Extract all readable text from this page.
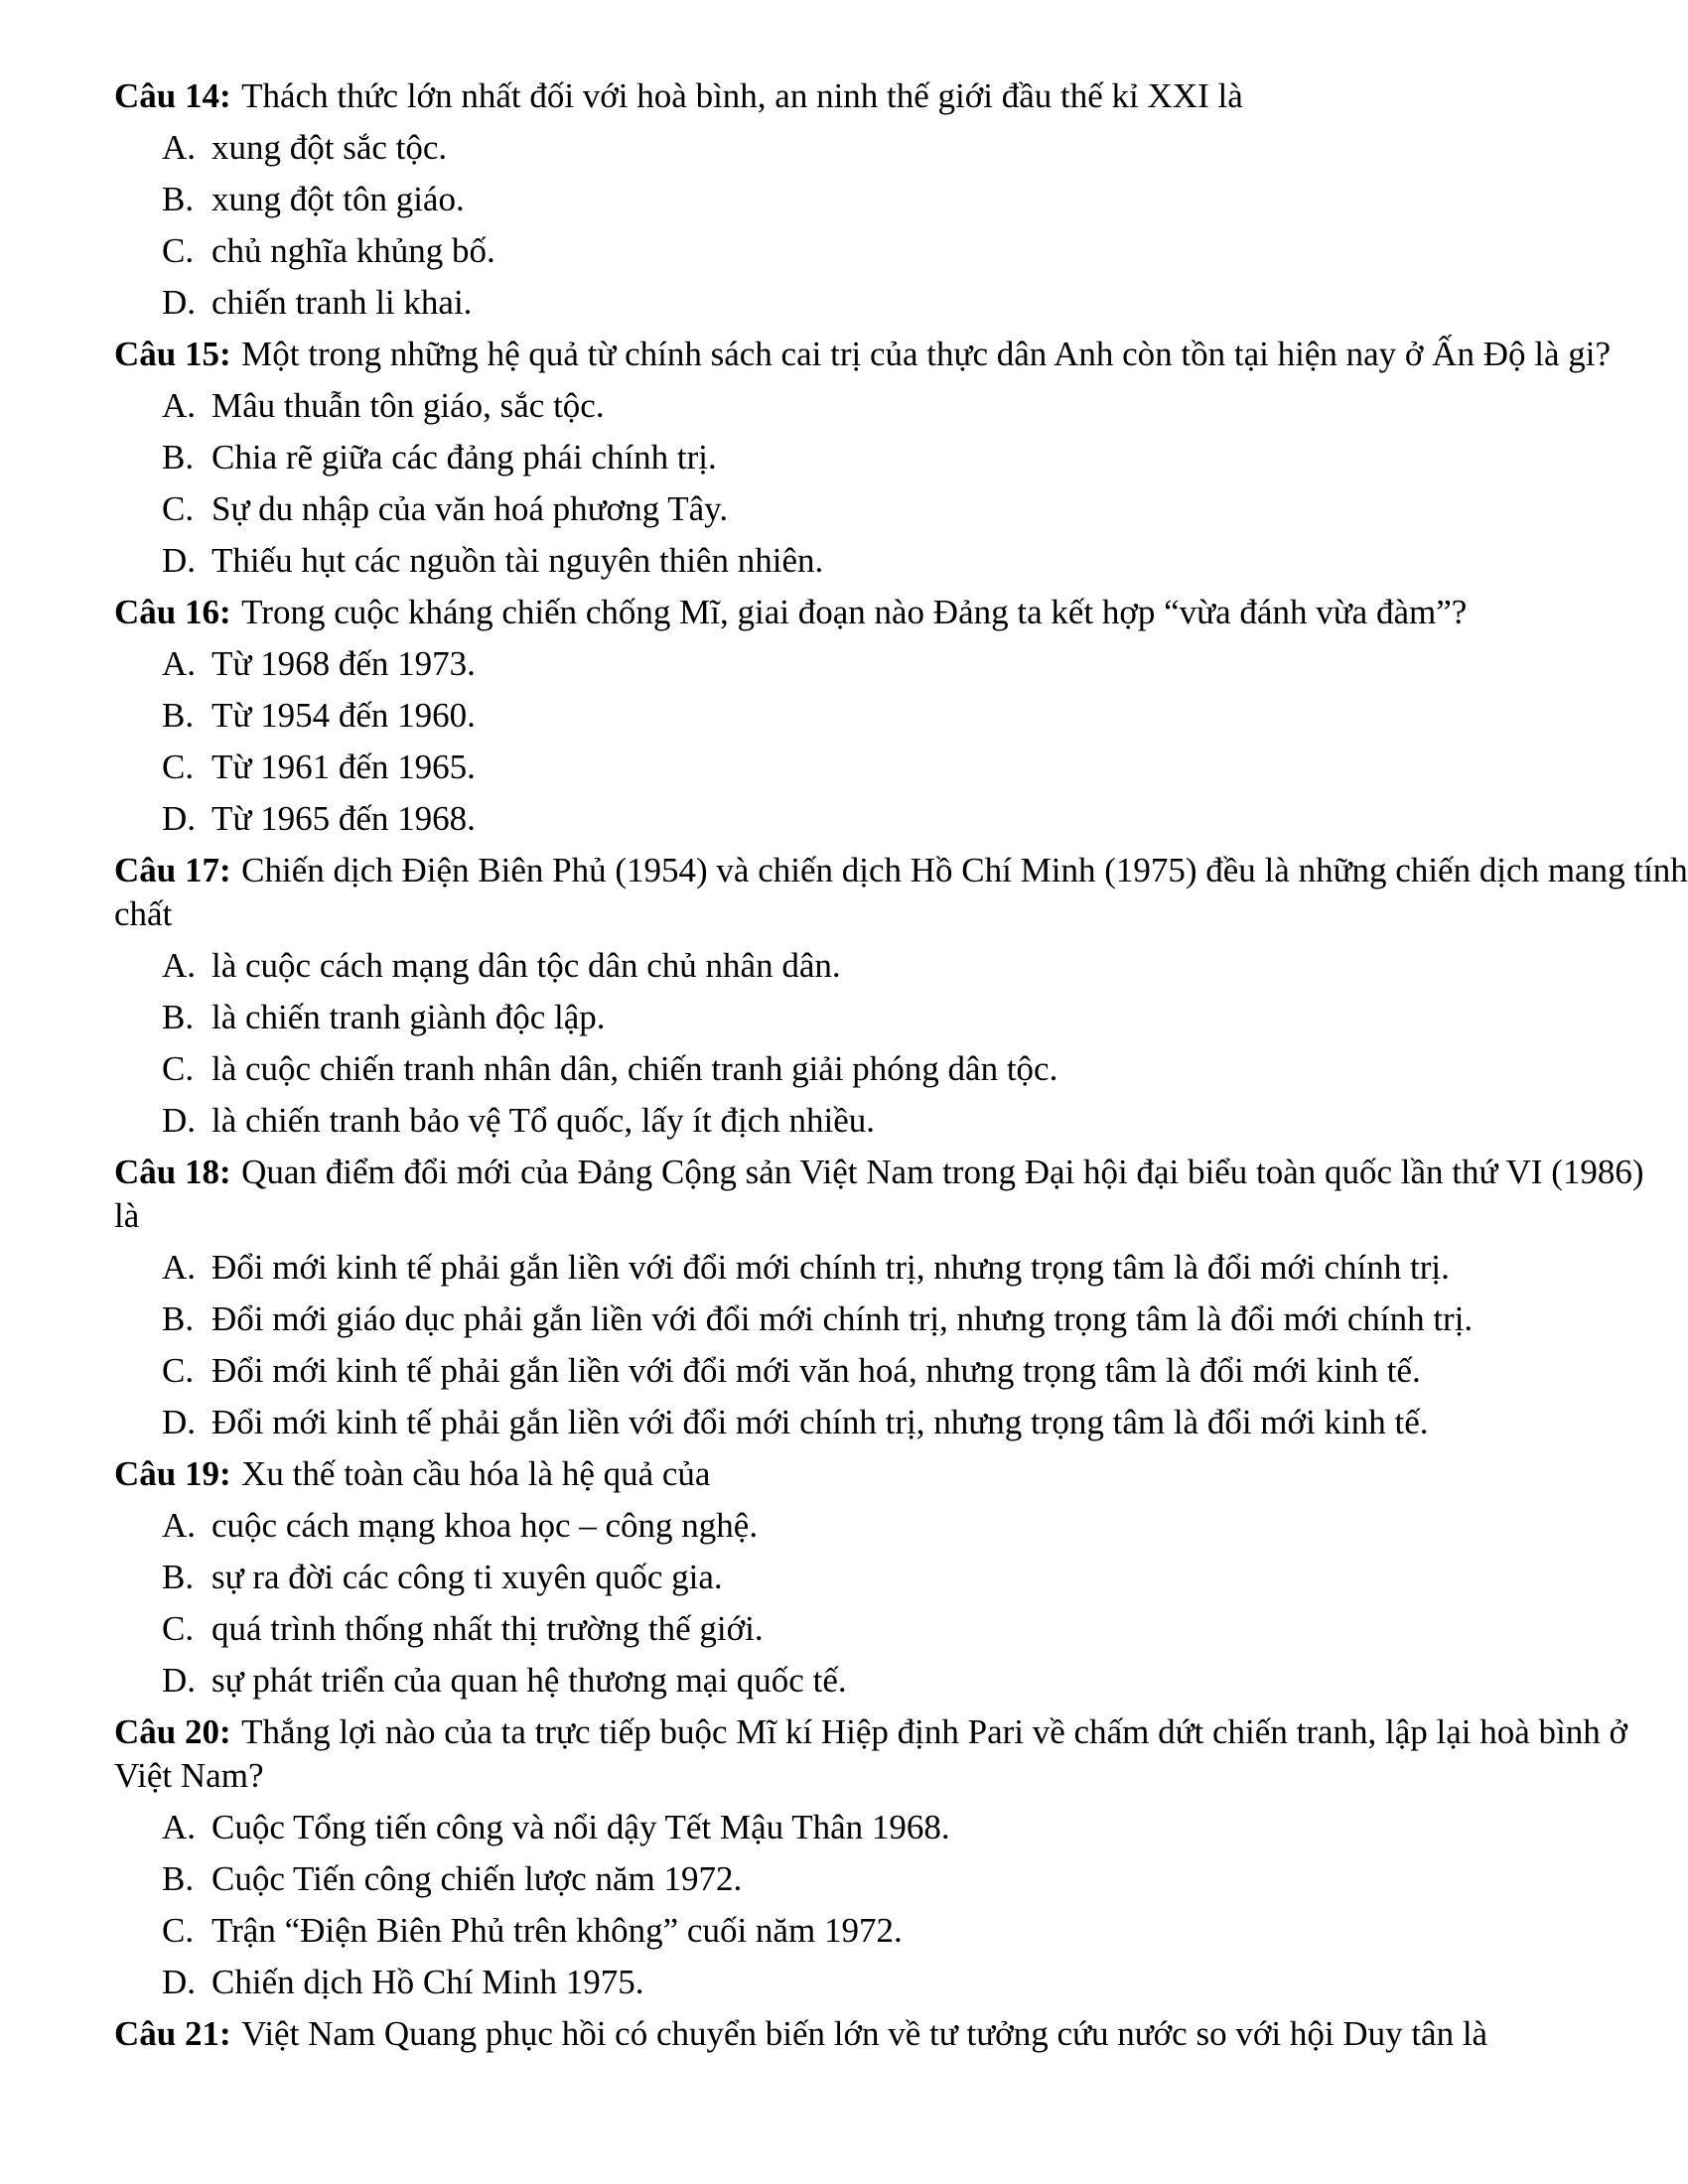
Câu 14: Thách thức lớn nhất đối với hoà bình, an ninh thế giới đầu thế kỉ XXI là

A. xung đột sắc tộc.

B. xung đột tôn giáo.

C. chủ nghĩa khủng bố.

D. chiến tranh li khai.

Câu 15: Một trong những hệ quả từ chính sách cai trị của thực dân Anh còn tồn tại hiện nay ở Ấn Độ là gi?

A. Mâu thuẫn tôn giáo, sắc tộc.

B. Chia rẽ giữa các đảng phái chính trị.

C. Sự du nhập của văn hoá phương Tây.

D. Thiếu hụt các nguồn tài nguyên thiên nhiên.

Câu 16: Trong cuộc kháng chiến chống Mĩ, giai đoạn nào Đảng ta kết hợp “vừa đánh vừa đàm”?

A. Từ 1968 đến 1973.

B. Từ 1954 đến 1960.

C. Từ 1961 đến 1965.

D. Từ 1965 đến 1968.

Câu 17: Chiến dịch Điện Biên Phủ (1954) và chiến dịch Hồ Chí Minh (1975) đều là những chiến dịch mang tính
chất

A. là cuộc cách mạng dân tộc dân chủ nhân dân.

B. là chiến tranh giành độc lập.

C. là cuộc chiến tranh nhân dân, chiến tranh giải phóng dân tộc.

D. là chiến tranh bảo vệ Tổ quốc, lấy ít địch nhiều.

Câu 18: Quan điểm đổi mới của Đảng Cộng sản Việt Nam trong Đại hội đại biểu toàn quốc lần thứ VI (1986)
là

A. Đổi mới kinh tế phải gắn liền với đổi mới chính trị, nhưng trọng tâm là đổi mới chính trị.

B. Đổi mới giáo dục phải gắn liền với đổi mới chính trị, nhưng trọng tâm là đổi mới chính trị.

C. Đổi mới kinh tế phải gắn liền với đổi mới văn hoá, nhưng trọng tâm là đổi mới kinh tế.

D. Đổi mới kinh tế phải gắn liền với đổi mới chính trị, nhưng trọng tâm là đổi mới kinh tế.

Câu 19: Xu thế toàn cầu hóa là hệ quả của

A. cuộc cách mạng khoa học – công nghệ.

B. sự ra đời các công ti xuyên quốc gia.

C. quá trình thống nhất thị trường thế giới.

D. sự phát triển của quan hệ thương mại quốc tế.

Câu 20: Thắng lợi nào của ta trực tiếp buộc Mĩ kí Hiệp định Pari về chấm dứt chiến tranh, lập lại hoà bình ở
Việt Nam?

A. Cuộc Tổng tiến công và nổi dậy Tết Mậu Thân 1968.

B. Cuộc Tiến công chiến lược năm 1972.

C. Trận “Điện Biên Phủ trên không” cuối năm 1972.

D. Chiến dịch Hồ Chí Minh 1975.

Câu 21: Việt Nam Quang phục hồi có chuyển biến lớn về tư tưởng cứu nước so với hội Duy tân là
